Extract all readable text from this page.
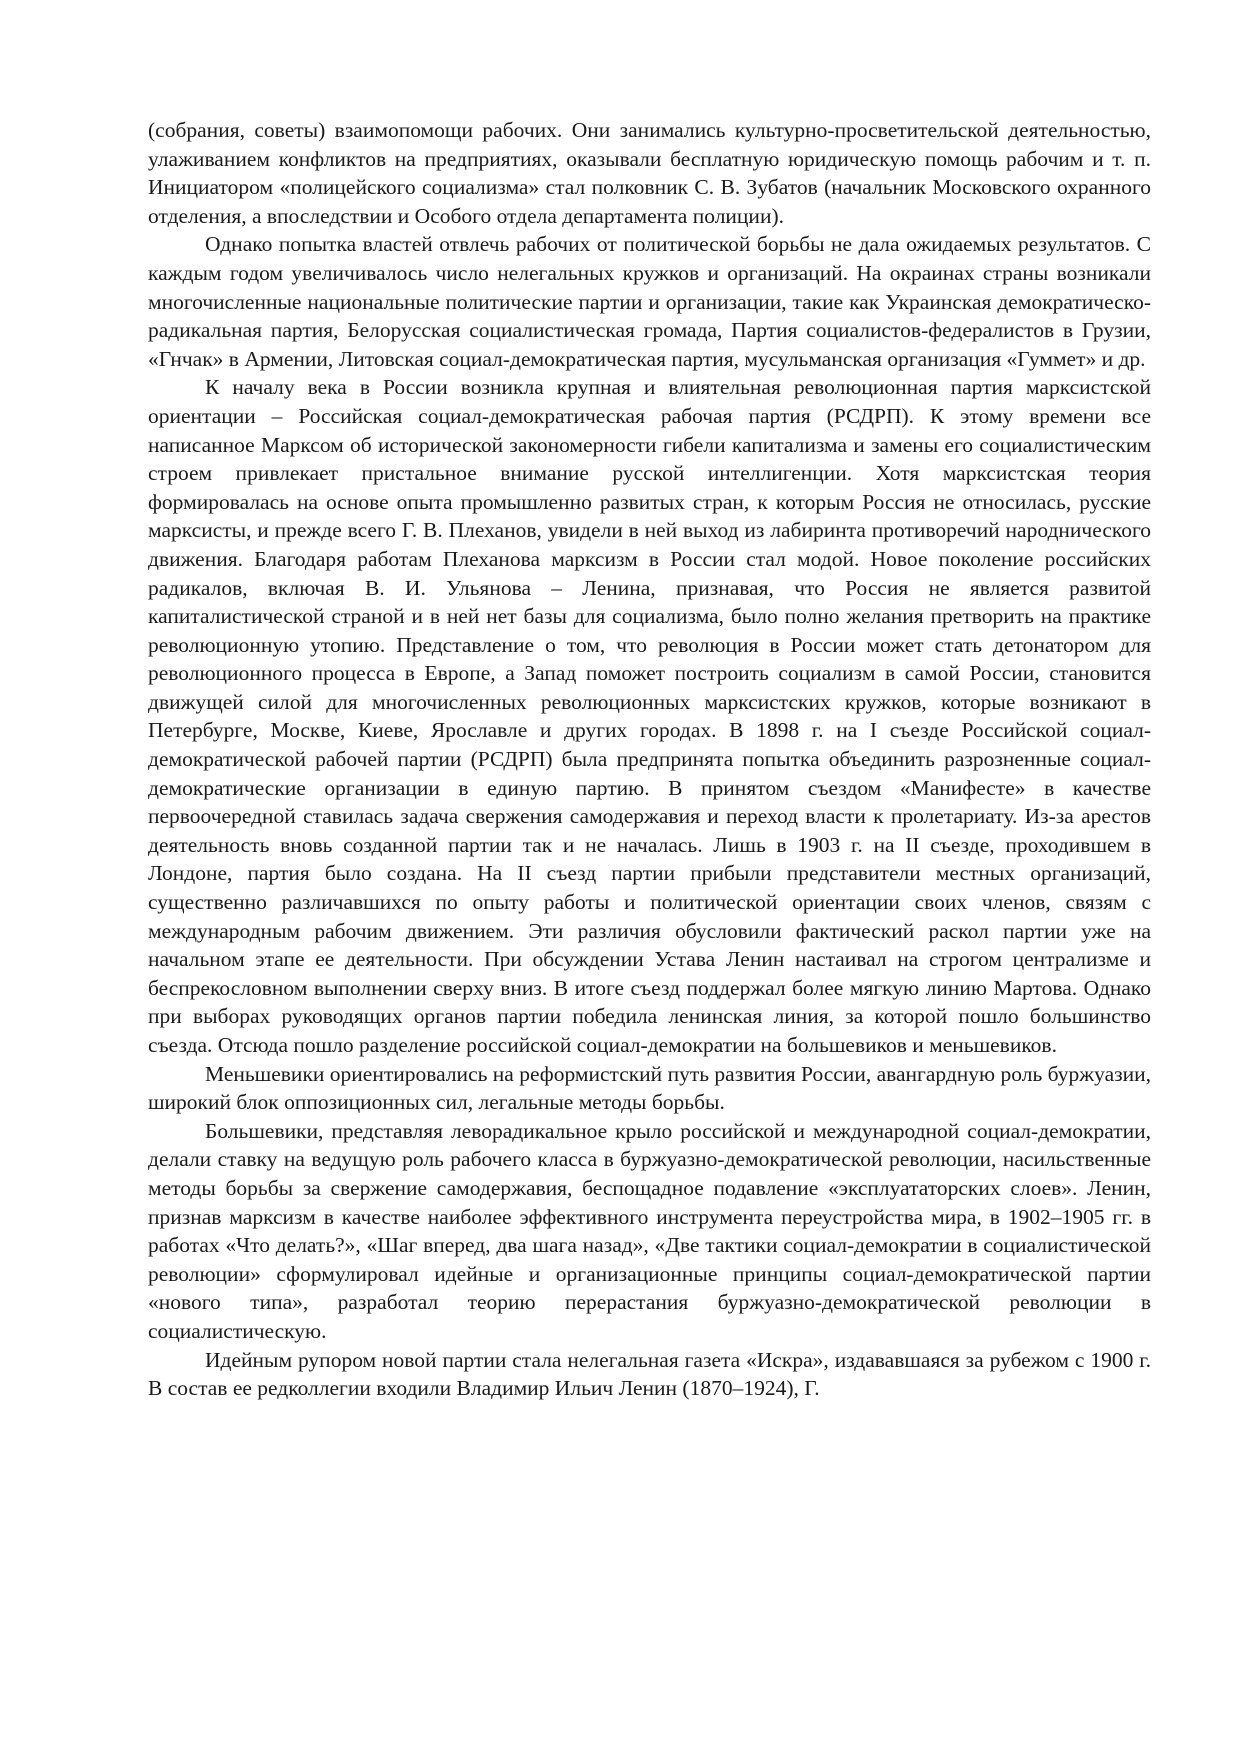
(собрания, советы) взаимопомощи рабочих. Они занимались культурно-просветительской деятельностью, улаживанием конфликтов на предприятиях, оказывали бесплатную юридическую помощь рабочим и т. п. Инициатором «полицейского социализма» стал полковник С. В. Зубатов (начальник Московского охранного отделения, а впоследствии и Особого отдела департамента полиции).

Однако попытка властей отвлечь рабочих от политической борьбы не дала ожидаемых результатов. С каждым годом увеличивалось число нелегальных кружков и организаций. На окраинах страны возникали многочисленные национальные политические партии и организации, такие как Украинская демократическо-радикальная партия, Белорусская социалистическая громада, Партия социалистов-федералистов в Грузии, «Гнчак» в Армении, Литовская социал-демократическая партия, мусульманская организация «Гуммет» и др.

К началу века в России возникла крупная и влиятельная революционная партия марксистской ориентации – Российская социал-демократическая рабочая партия (РСДРП). К этому времени все написанное Марксом об исторической закономерности гибели капитализма и замены его социалистическим строем привлекает пристальное внимание русской интеллигенции. Хотя марксистская теория формировалась на основе опыта промышленно развитых стран, к которым Россия не относилась, русские марксисты, и прежде всего Г. В. Плеханов, увидели в ней выход из лабиринта противоречий народнического движения. Благодаря работам Плеханова марксизм в России стал модой. Новое поколение российских радикалов, включая В. И. Ульянова – Ленина, признавая, что Россия не является развитой капиталистической страной и в ней нет базы для социализма, было полно желания претворить на практике революционную утопию. Представление о том, что революция в России может стать детонатором для революционного процесса в Европе, а Запад поможет построить социализм в самой России, становится движущей силой для многочисленных революционных марксистских кружков, которые возникают в Петербурге, Москве, Киеве, Ярославле и других городах. В 1898 г. на I съезде Российской социал-демократической рабочей партии (РСДРП) была предпринята попытка объединить разрозненные социал-демократические организации в единую партию. В принятом съездом «Манифесте» в качестве первоочередной ставилась задача свержения самодержавия и переход власти к пролетариату. Из-за арестов деятельность вновь созданной партии так и не началась. Лишь в 1903 г. на II съезде, проходившем в Лондоне, партия было создана. На II съезд партии прибыли представители местных организаций, существенно различавшихся по опыту работы и политической ориентации своих членов, связям с международным рабочим движением. Эти различия обусловили фактический раскол партии уже на начальном этапе ее деятельности. При обсуждении Устава Ленин настаивал на строгом централизме и беспрекословном выполнении сверху вниз. В итоге съезд поддержал более мягкую линию Мартова. Однако при выборах руководящих органов партии победила ленинская линия, за которой пошло большинство съезда. Отсюда пошло разделение российской социал-демократии на большевиков и меньшевиков.

Меньшевики ориентировались на реформистский путь развития России, авангардную роль буржуазии, широкий блок оппозиционных сил, легальные методы борьбы.

Большевики, представляя леворадикальное крыло российской и международной социал-демократии, делали ставку на ведущую роль рабочего класса в буржуазно-демократической революции, насильственные методы борьбы за свержение самодержавия, беспощадное подавление «эксплуататорских слоев». Ленин, признав марксизм в качестве наиболее эффективного инструмента переустройства мира, в 1902–1905 гг. в работах «Что делать?», «Шаг вперед, два шага назад», «Две тактики социал-демократии в социалистической революции» сформулировал идейные и организационные принципы социал-демократической партии «нового типа», разработал теорию перерастания буржуазно-демократической революции в социалистическую.

Идейным рупором новой партии стала нелегальная газета «Искра», издававшаяся за рубежом с 1900 г. В состав ее редколлегии входили Владимир Ильич Ленин (1870–1924), Г.
